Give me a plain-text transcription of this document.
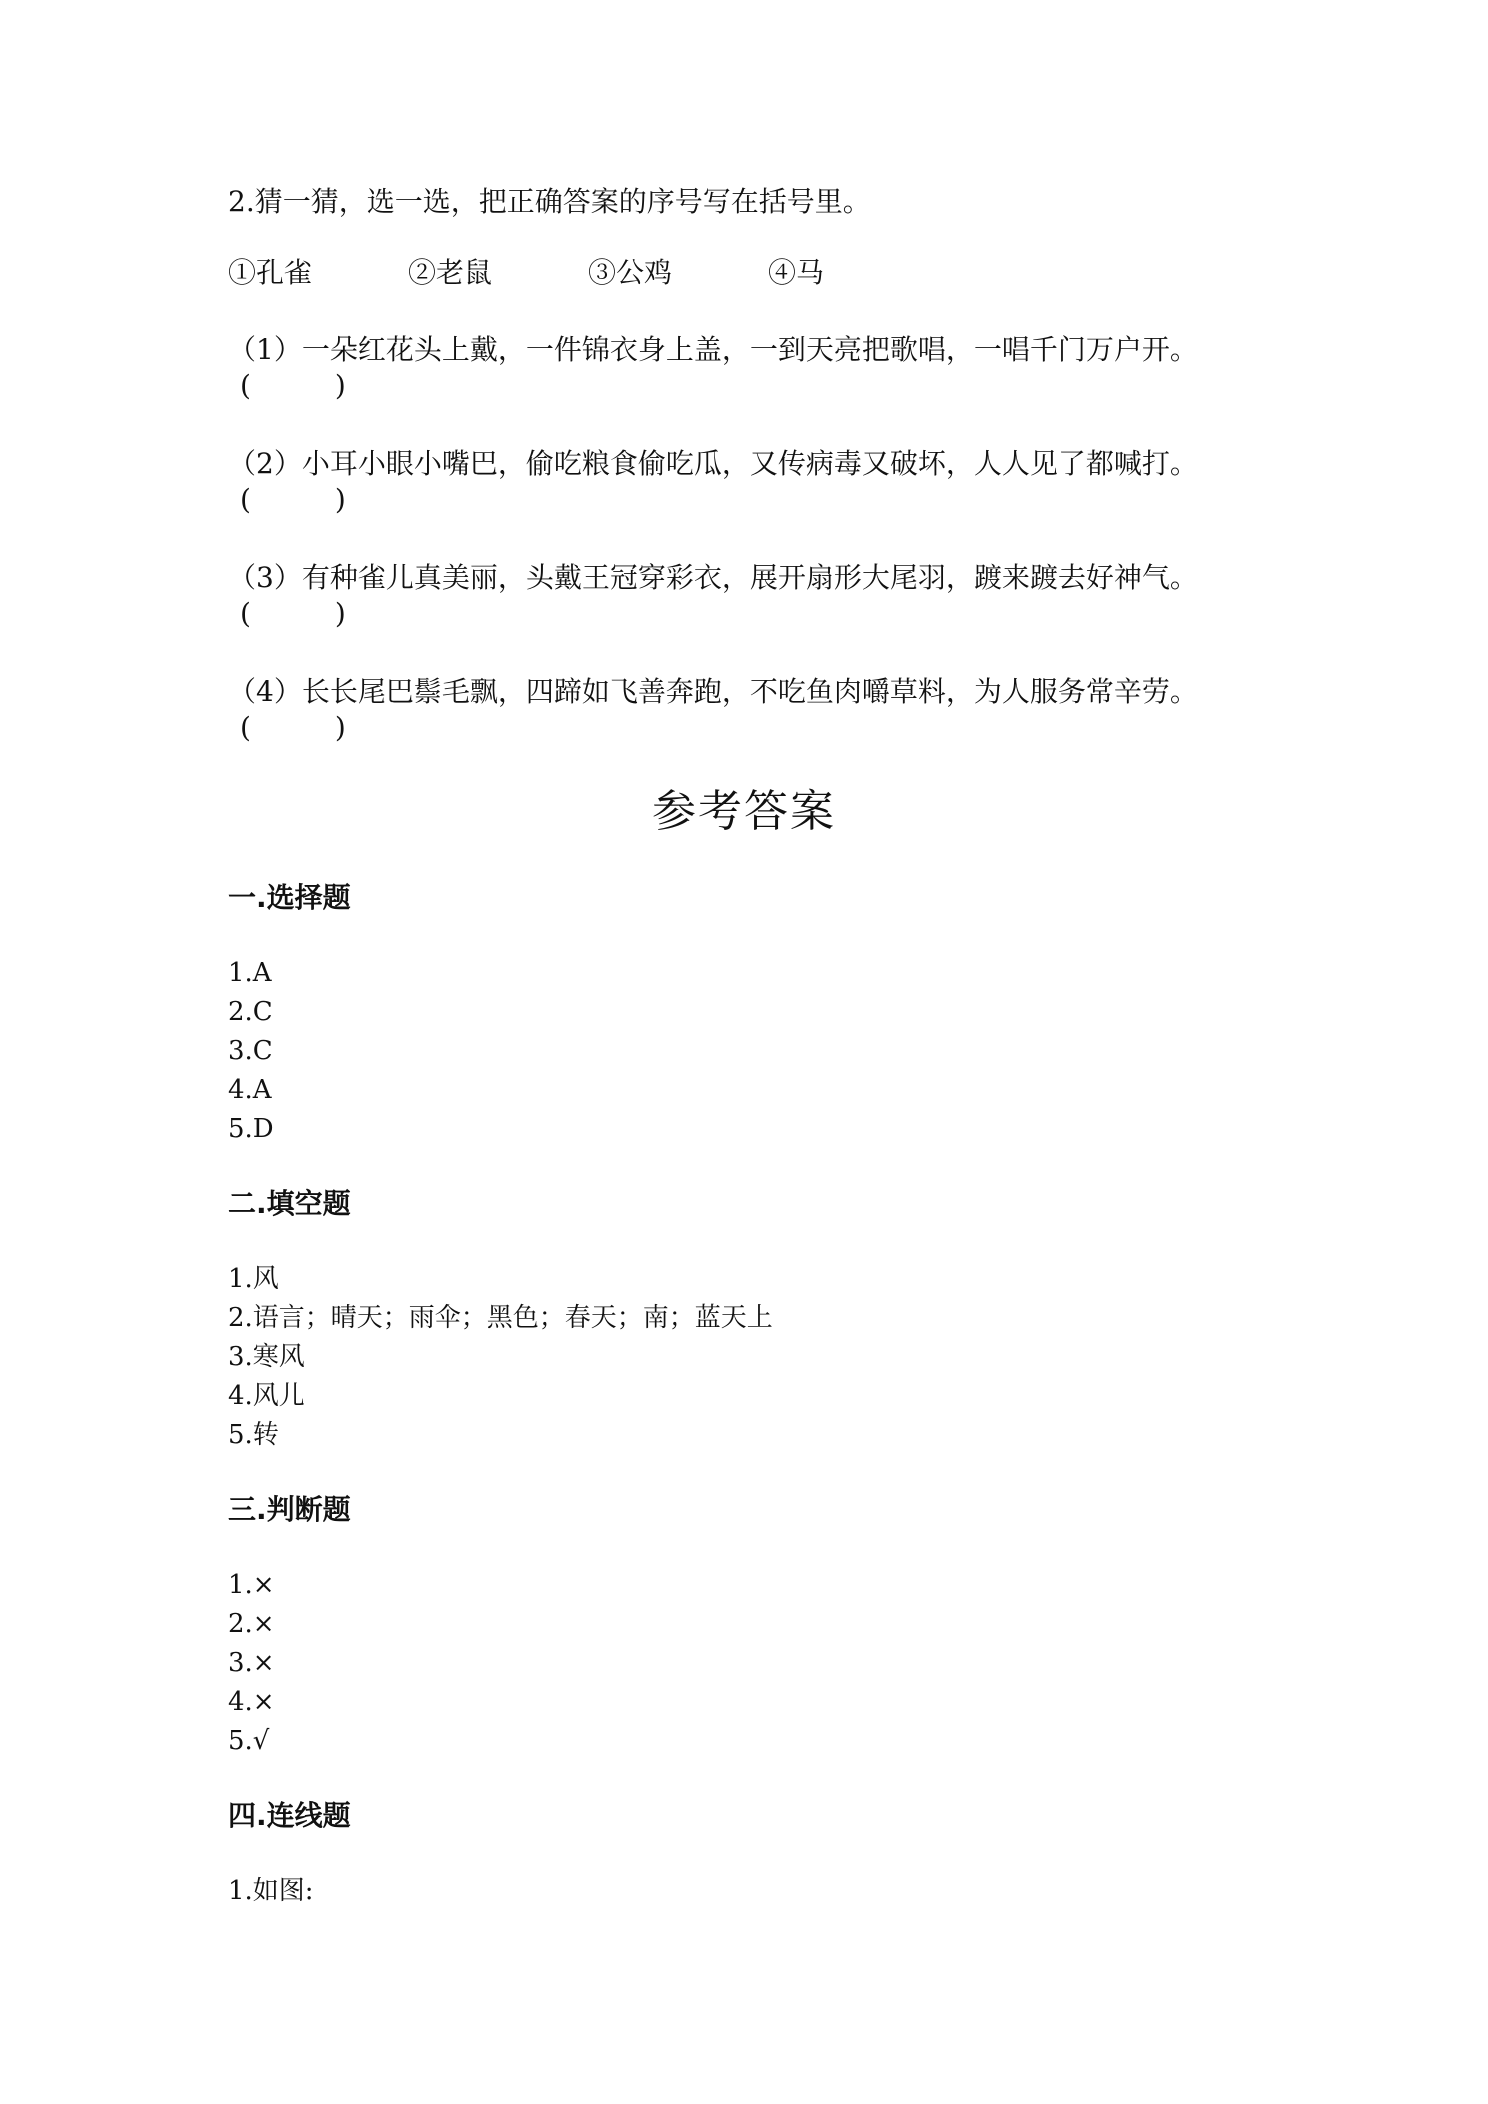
2.猜一猜，选一选，把正确答案的序号写在括号里。
①孔雀	②老鼠	③公鸡	④马
（1）一朵红花头上戴，一件锦衣身上盖，一到天亮把歌唱，一唱千门万户开。
(　　　)
（2）小耳小眼小嘴巴，偷吃粮食偷吃瓜，又传病毒又破坏，人人见了都喊打。
(　　　)
（3）有种雀儿真美丽，头戴王冠穿彩衣，展开扇形大尾羽，踱来踱去好神气。
(　　　)
（4）长长尾巴鬃毛飘，四蹄如飞善奔跑，不吃鱼肉嚼草料，为人服务常辛劳。
(　　　)
参考答案
一.选择题
1.A
2.C
3.C
4.A
5.D
二.填空题
1.风
2.语言；晴天；雨伞；黑色；春天；南；蓝天上
3.寒风
4.风儿
5.转
三.判断题
1.×
2.×
3.×
4.×
5.√
四.连线题
1.如图:
